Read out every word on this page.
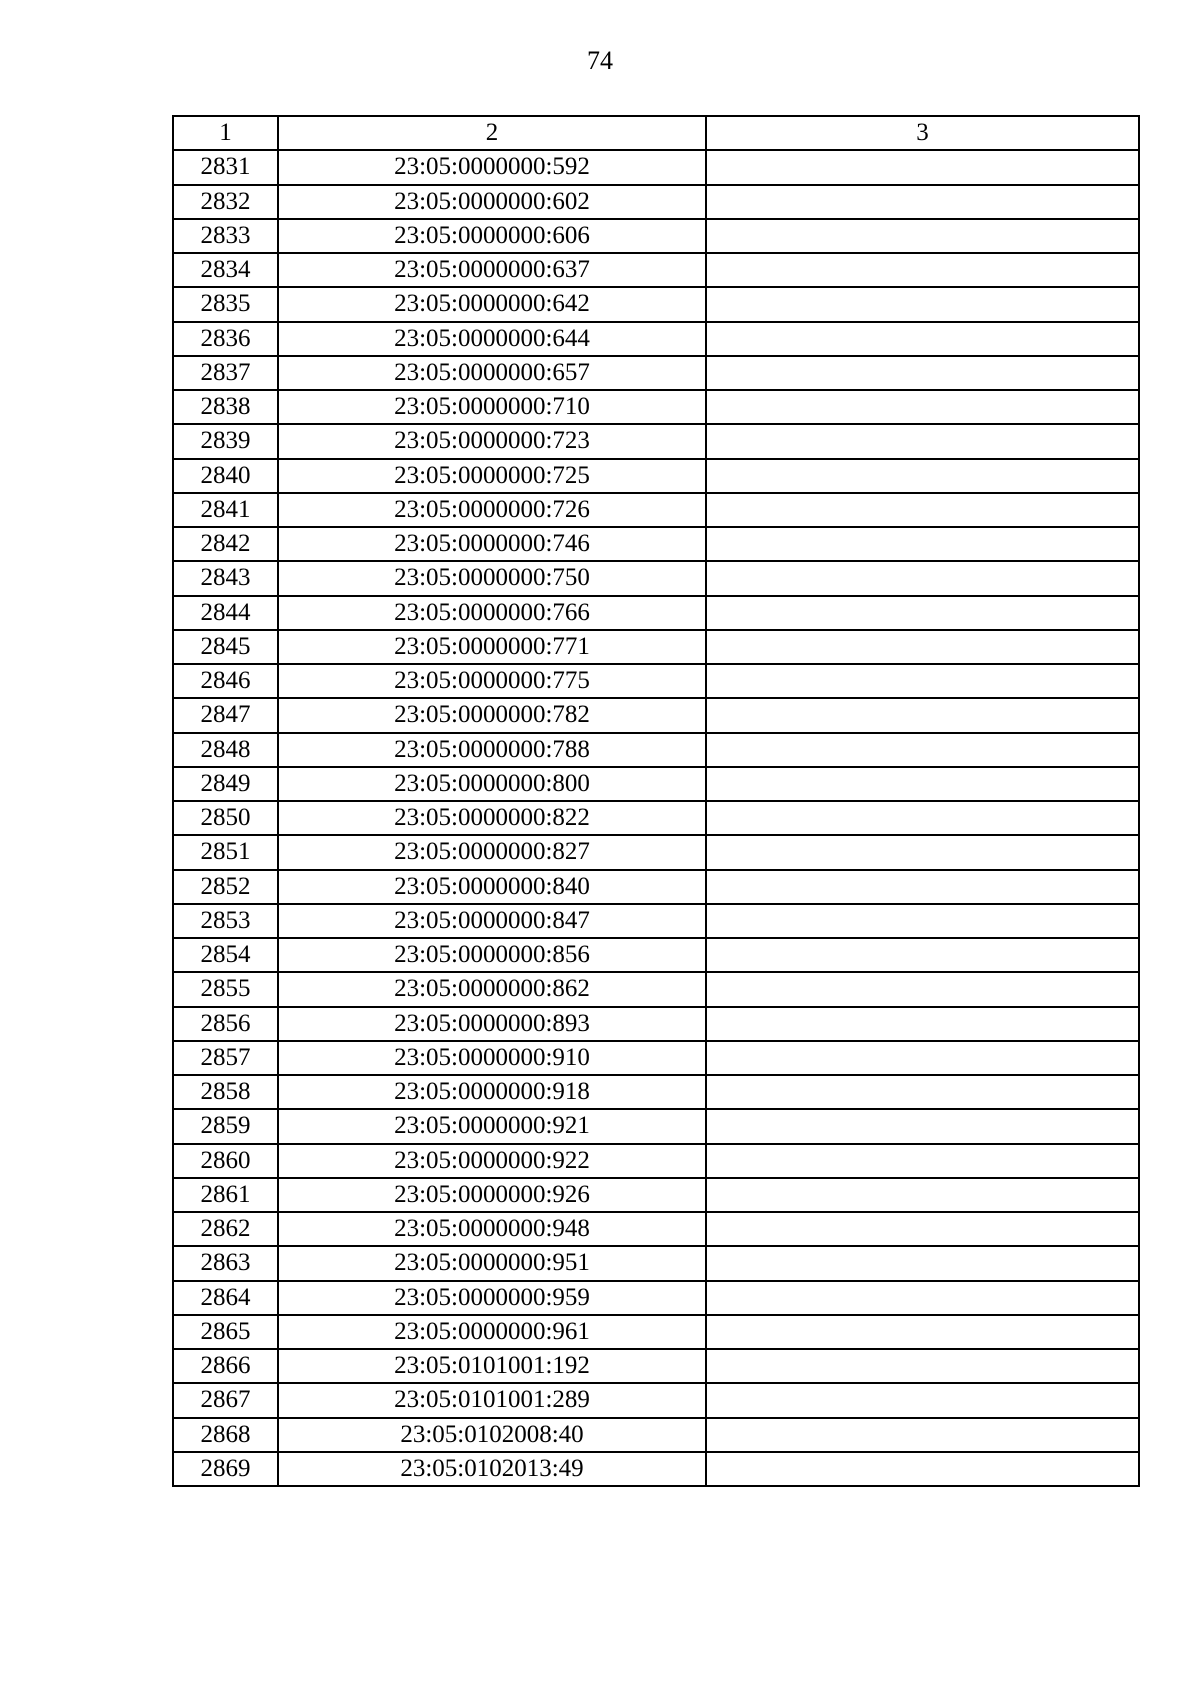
74
1	2	3
2831	23:05:0000000:592	
2832	23:05:0000000:602	
2833	23:05:0000000:606	
2834	23:05:0000000:637	
2835	23:05:0000000:642	
2836	23:05:0000000:644	
2837	23:05:0000000:657	
2838	23:05:0000000:710	
2839	23:05:0000000:723	
2840	23:05:0000000:725	
2841	23:05:0000000:726	
2842	23:05:0000000:746	
2843	23:05:0000000:750	
2844	23:05:0000000:766	
2845	23:05:0000000:771	
2846	23:05:0000000:775	
2847	23:05:0000000:782	
2848	23:05:0000000:788	
2849	23:05:0000000:800	
2850	23:05:0000000:822	
2851	23:05:0000000:827	
2852	23:05:0000000:840	
2853	23:05:0000000:847	
2854	23:05:0000000:856	
2855	23:05:0000000:862	
2856	23:05:0000000:893	
2857	23:05:0000000:910	
2858	23:05:0000000:918	
2859	23:05:0000000:921	
2860	23:05:0000000:922	
2861	23:05:0000000:926	
2862	23:05:0000000:948	
2863	23:05:0000000:951	
2864	23:05:0000000:959	
2865	23:05:0000000:961	
2866	23:05:0101001:192	
2867	23:05:0101001:289	
2868	23:05:0102008:40	
2869	23:05:0102013:49	
